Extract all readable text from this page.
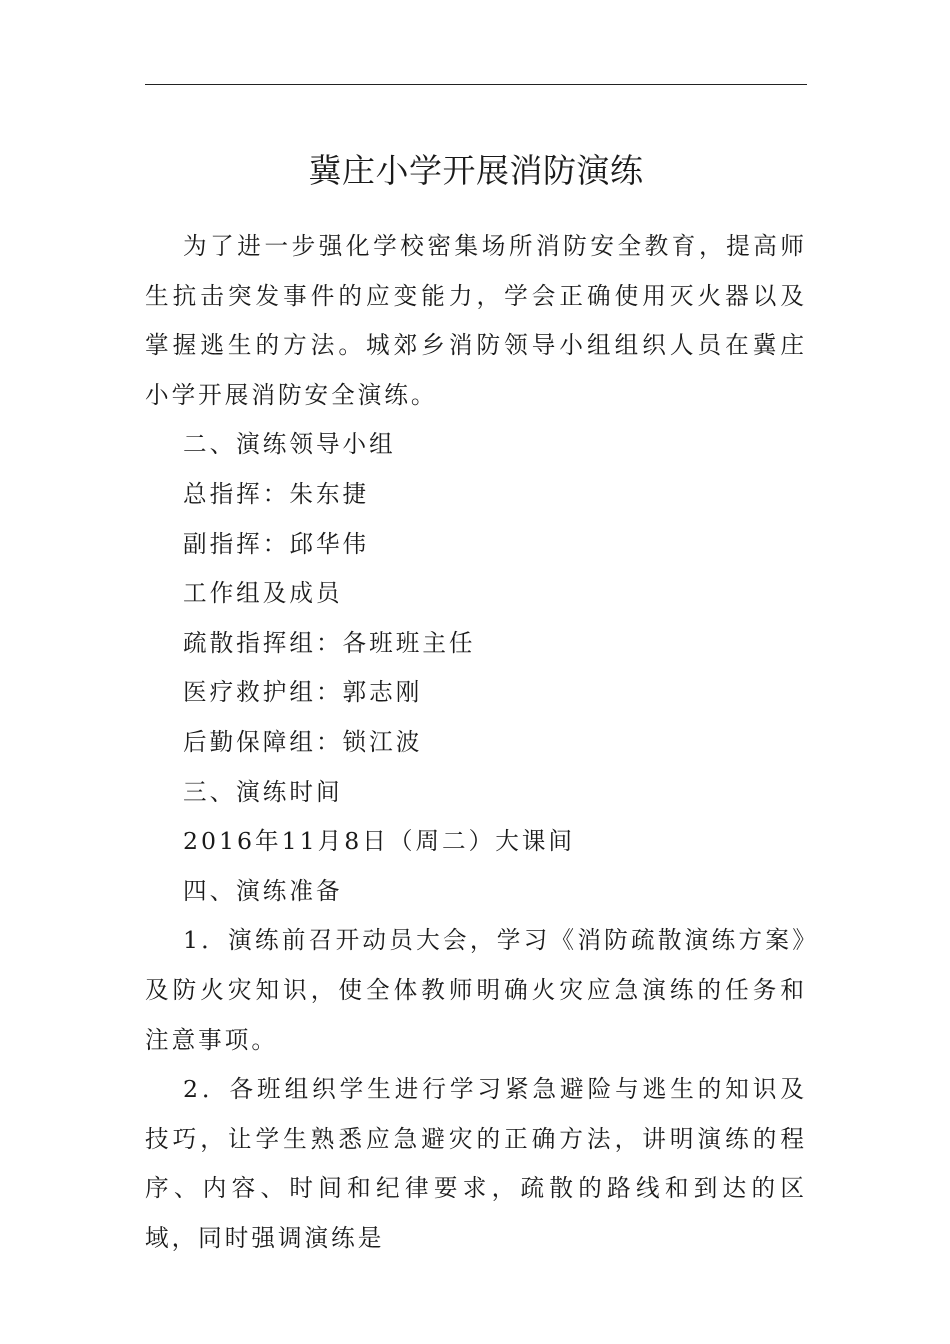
冀庄小学开展消防演练

为了进一步强化学校密集场所消防安全教育，提高师生抗击突发事件的应变能力，学会正确使用灭火器以及掌握逃生的方法。城郊乡消防领导小组组织人员在冀庄小学开展消防安全演练。

二、演练领导小组

总指挥：朱东捷

副指挥：邱华伟

工作组及成员

疏散指挥组：各班班主任

医疗救护组：郭志刚

后勤保障组：锁江波

三、演练时间

2016年11月8日（周二）大课间

四、演练准备

1．演练前召开动员大会，学习《消防疏散演练方案》及防火灾知识，使全体教师明确火灾应急演练的任务和注意事项。

2．各班组织学生进行学习紧急避险与逃生的知识及技巧，让学生熟悉应急避灾的正确方法，讲明演练的程序、内容、时间和纪律要求，疏散的路线和到达的区域，同时强调演练是
